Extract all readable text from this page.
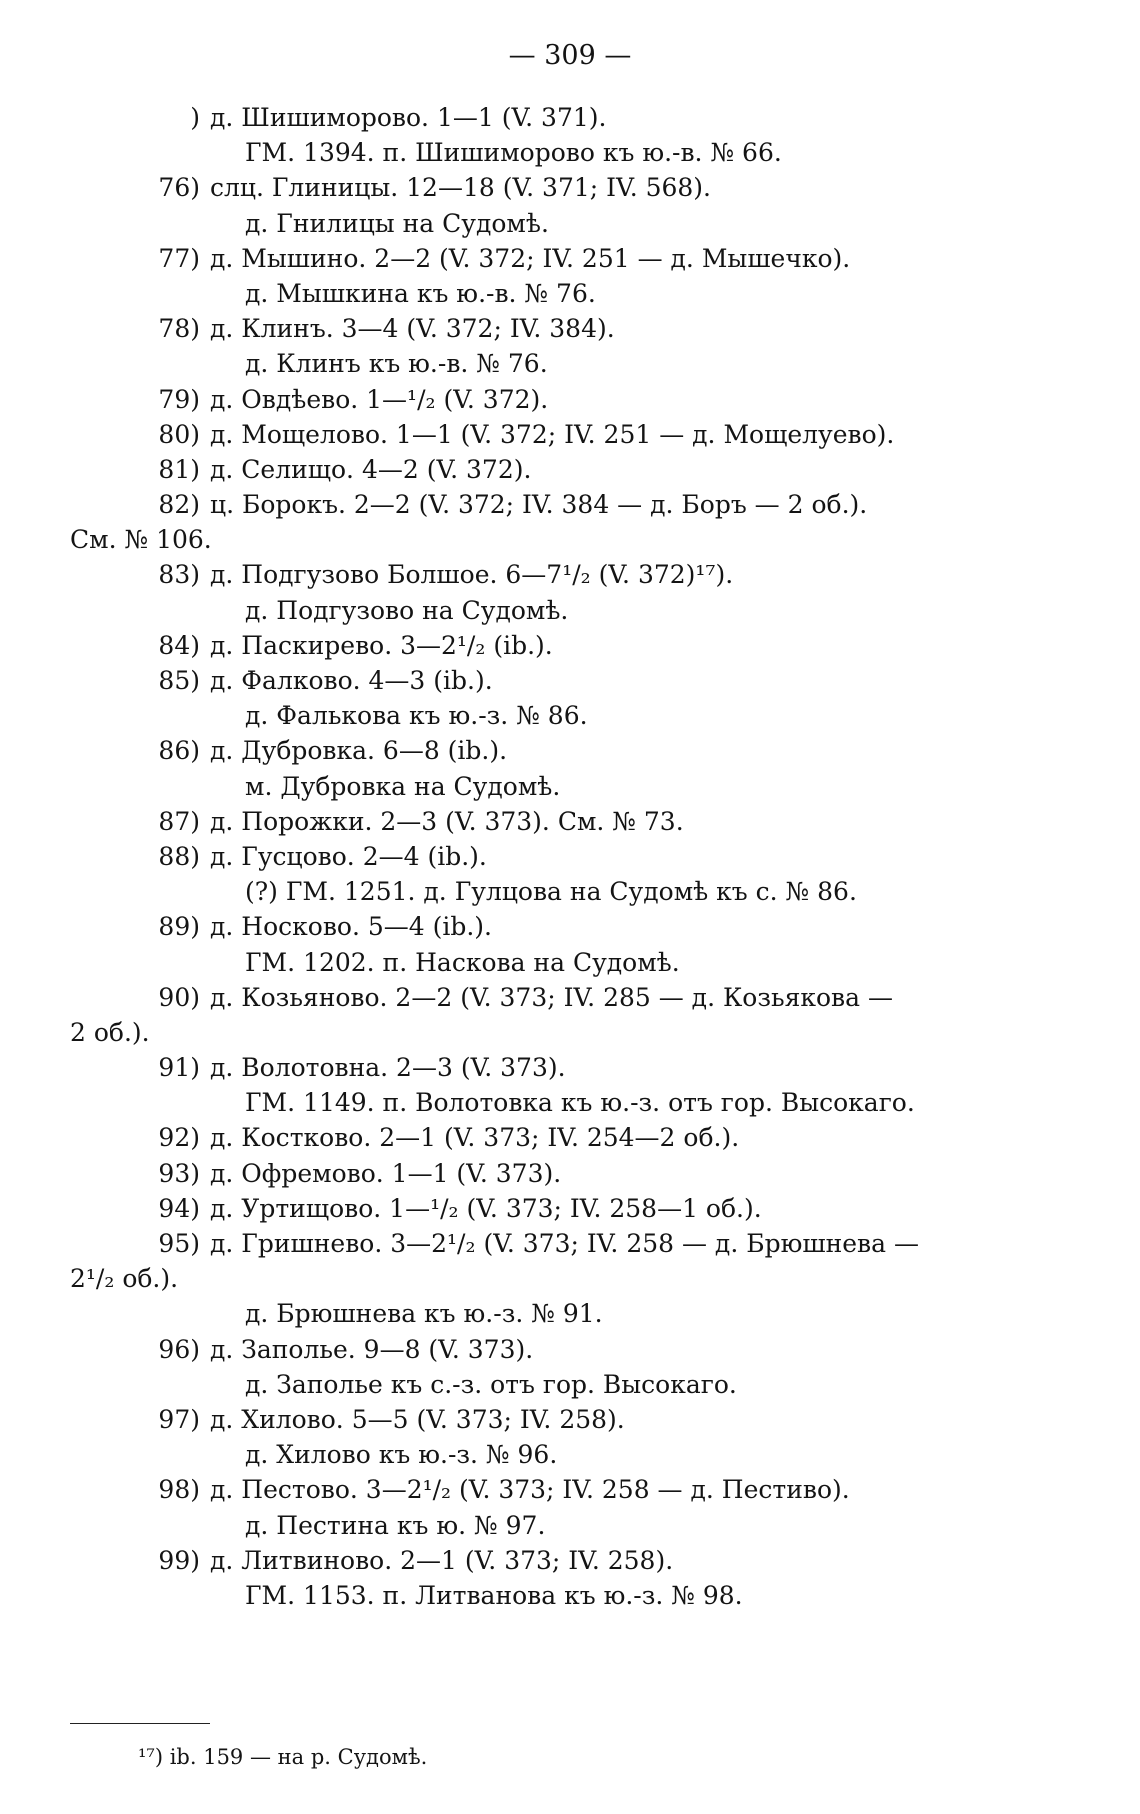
— 309 —
) д. Шишиморово. 1—1 (V. 371).
ГМ. 1394. п. Шишиморово къ ю.-в. № 66.
76) слц. Глиницы. 12—18 (V. 371; IV. 568).
д. Гнилицы на Судомѣ.
77) д. Мышино. 2—2 (V. 372; IV. 251 — д. Мышечко).
д. Мышкина къ ю.-в. № 76.
78) д. Клинъ. 3—4 (V. 372; IV. 384).
д. Клинъ къ ю.-в. № 76.
79) д. Овдѣево. 1—¹/₂ (V. 372).
80) д. Мощелово. 1—1 (V. 372; IV. 251 — д. Мощелуево).
81) д. Селищо. 4—2 (V. 372).
82) ц. Борокъ. 2—2 (V. 372; IV. 384 — д. Боръ — 2 об.).
См. № 106.
83) д. Подгузово Болшое. 6—7¹/₂ (V. 372)¹⁷).
д. Подгузово на Судомѣ.
84) д. Паскирево. 3—2¹/₂ (ib.).
85) д. Фалково. 4—3 (ib.).
д. Фалькова къ ю.-з. № 86.
86) д. Дубровка. 6—8 (ib.).
м. Дубровка на Судомѣ.
87) д. Порожки. 2—3 (V. 373). См. № 73.
88) д. Гусцово. 2—4 (ib.).
(?) ГМ. 1251. д. Гулцова на Судомѣ къ с. № 86.
89) д. Носково. 5—4 (ib.).
ГМ. 1202. п. Наскова на Судомѣ.
90) д. Козьяново. 2—2 (V. 373; IV. 285 — д. Козьякова —
2 об.).
91) д. Волотовна. 2—3 (V. 373).
ГМ. 1149. п. Волотовка къ ю.-з. отъ гор. Высокаго.
92) д. Костково. 2—1 (V. 373; IV. 254—2 об.).
93) д. Офремово. 1—1 (V. 373).
94) д. Уртищово. 1—¹/₂ (V. 373; IV. 258—1 об.).
95) д. Гришнево. 3—2¹/₂ (V. 373; IV. 258 — д. Брюшнева —
2¹/₂ об.).
д. Брюшнева къ ю.-з. № 91.
96) д. Заполье. 9—8 (V. 373).
д. Заполье къ с.-з. отъ гор. Высокаго.
97) д. Хилово. 5—5 (V. 373; IV. 258).
д. Хилово къ ю.-з. № 96.
98) д. Пестово. 3—2¹/₂ (V. 373; IV. 258 — д. Пестиво).
д. Пестина къ ю. № 97.
99) д. Литвиново. 2—1 (V. 373; IV. 258).
ГМ. 1153. п. Литванова къ ю.-з. № 98.
¹⁷) ib. 159 — на р. Судомѣ.
